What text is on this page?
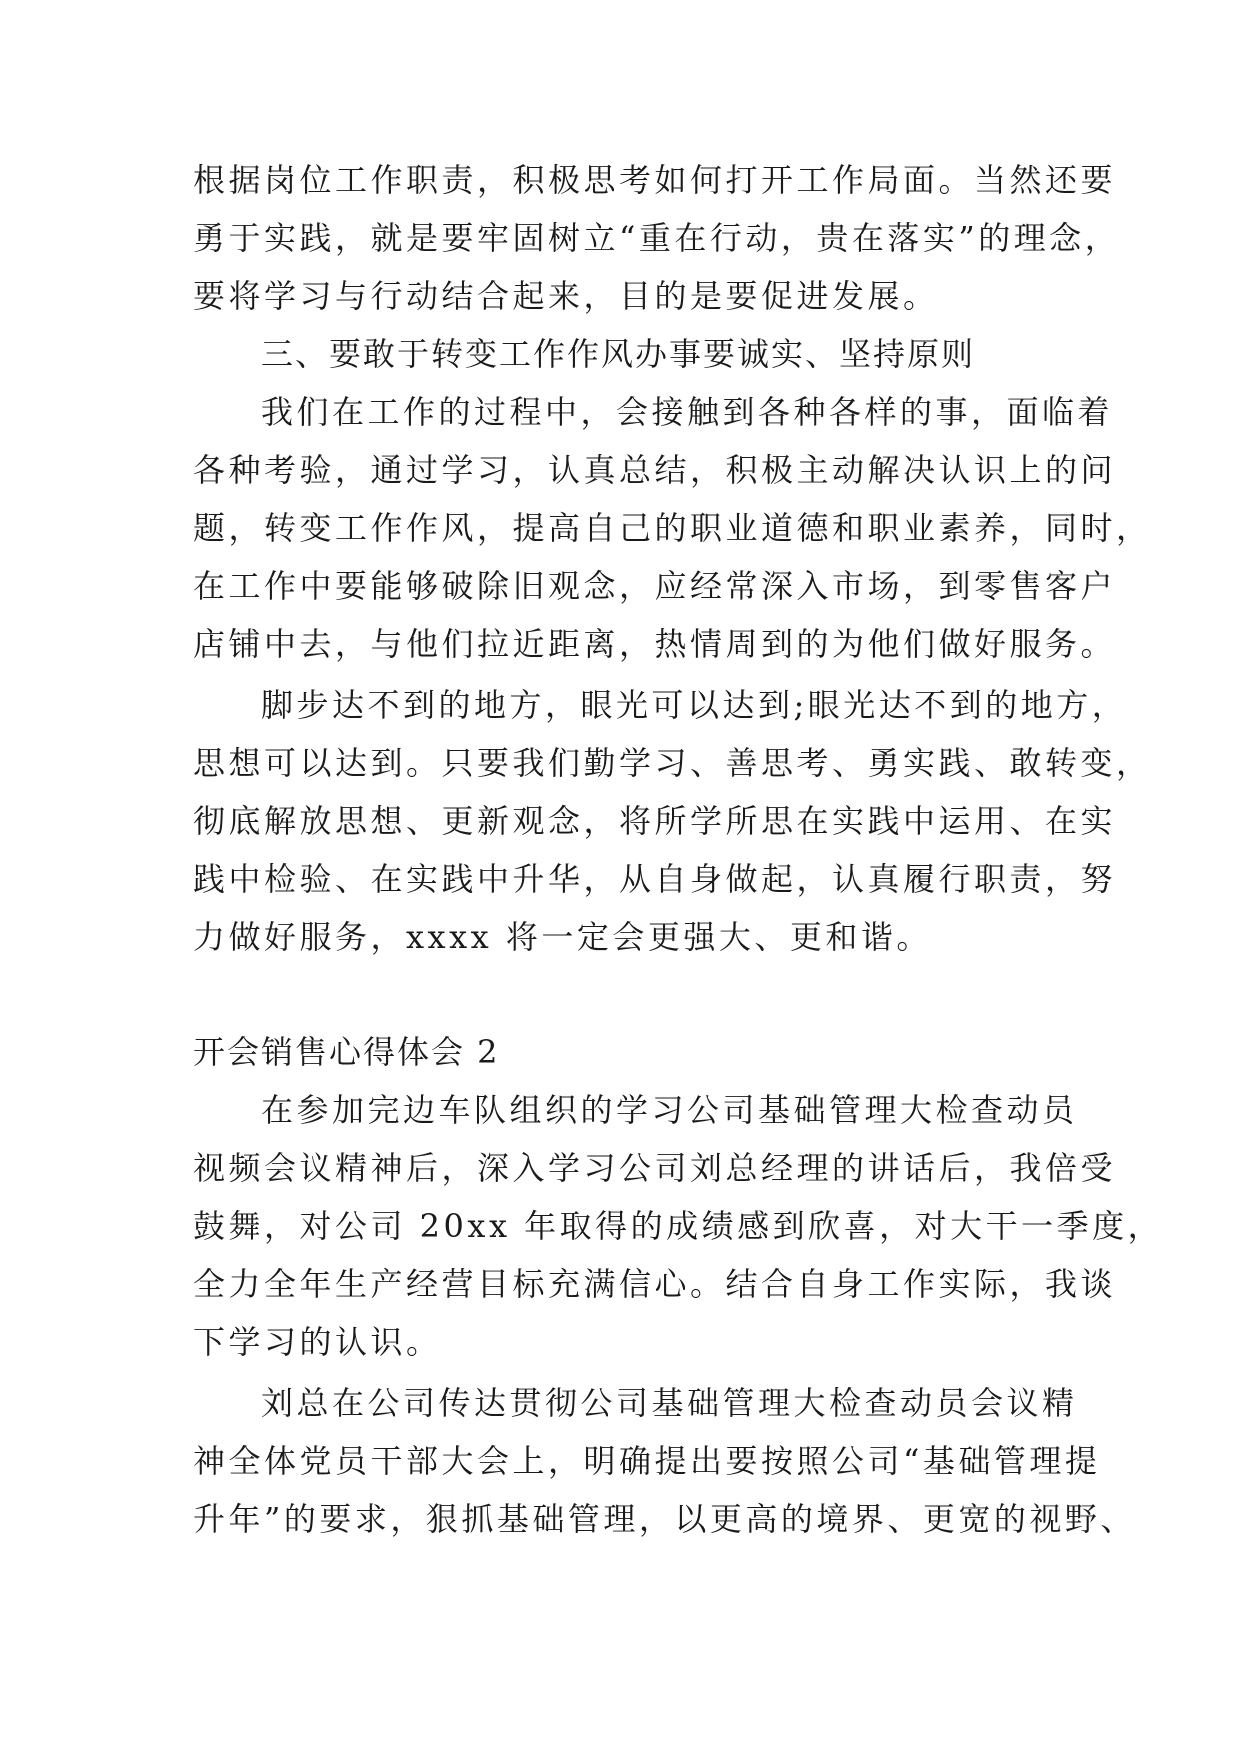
根据岗位工作职责，积极思考如何打开工作局面。当然还要
勇于实践，就是要牢固树立“重在行动，贵在落实”的理念，
要将学习与行动结合起来，目的是要促进发展。
三、要敢于转变工作作风办事要诚实、坚持原则
我们在工作的过程中，会接触到各种各样的事，面临着
各种考验，通过学习，认真总结，积极主动解决认识上的问
题，转变工作作风，提高自己的职业道德和职业素养，同时，
在工作中要能够破除旧观念，应经常深入市场，到零售客户
店铺中去，与他们拉近距离，热情周到的为他们做好服务。
脚步达不到的地方，眼光可以达到;眼光达不到的地方，
思想可以达到。只要我们勤学习、善思考、勇实践、敢转变，
彻底解放思想、更新观念，将所学所思在实践中运用、在实
践中检验、在实践中升华，从自身做起，认真履行职责，努
力做好服务，xxxx 将一定会更强大、更和谐。
开会销售心得体会 2
在参加完边车队组织的学习公司基础管理大检查动员
视频会议精神后，深入学习公司刘总经理的讲话后，我倍受
鼓舞，对公司 20xx 年取得的成绩感到欣喜，对大干一季度，
全力全年生产经营目标充满信心。结合自身工作实际，我谈
下学习的认识。
刘总在公司传达贯彻公司基础管理大检查动员会议精
神全体党员干部大会上，明确提出要按照公司“基础管理提
升年”的要求，狠抓基础管理，以更高的境界、更宽的视野、
